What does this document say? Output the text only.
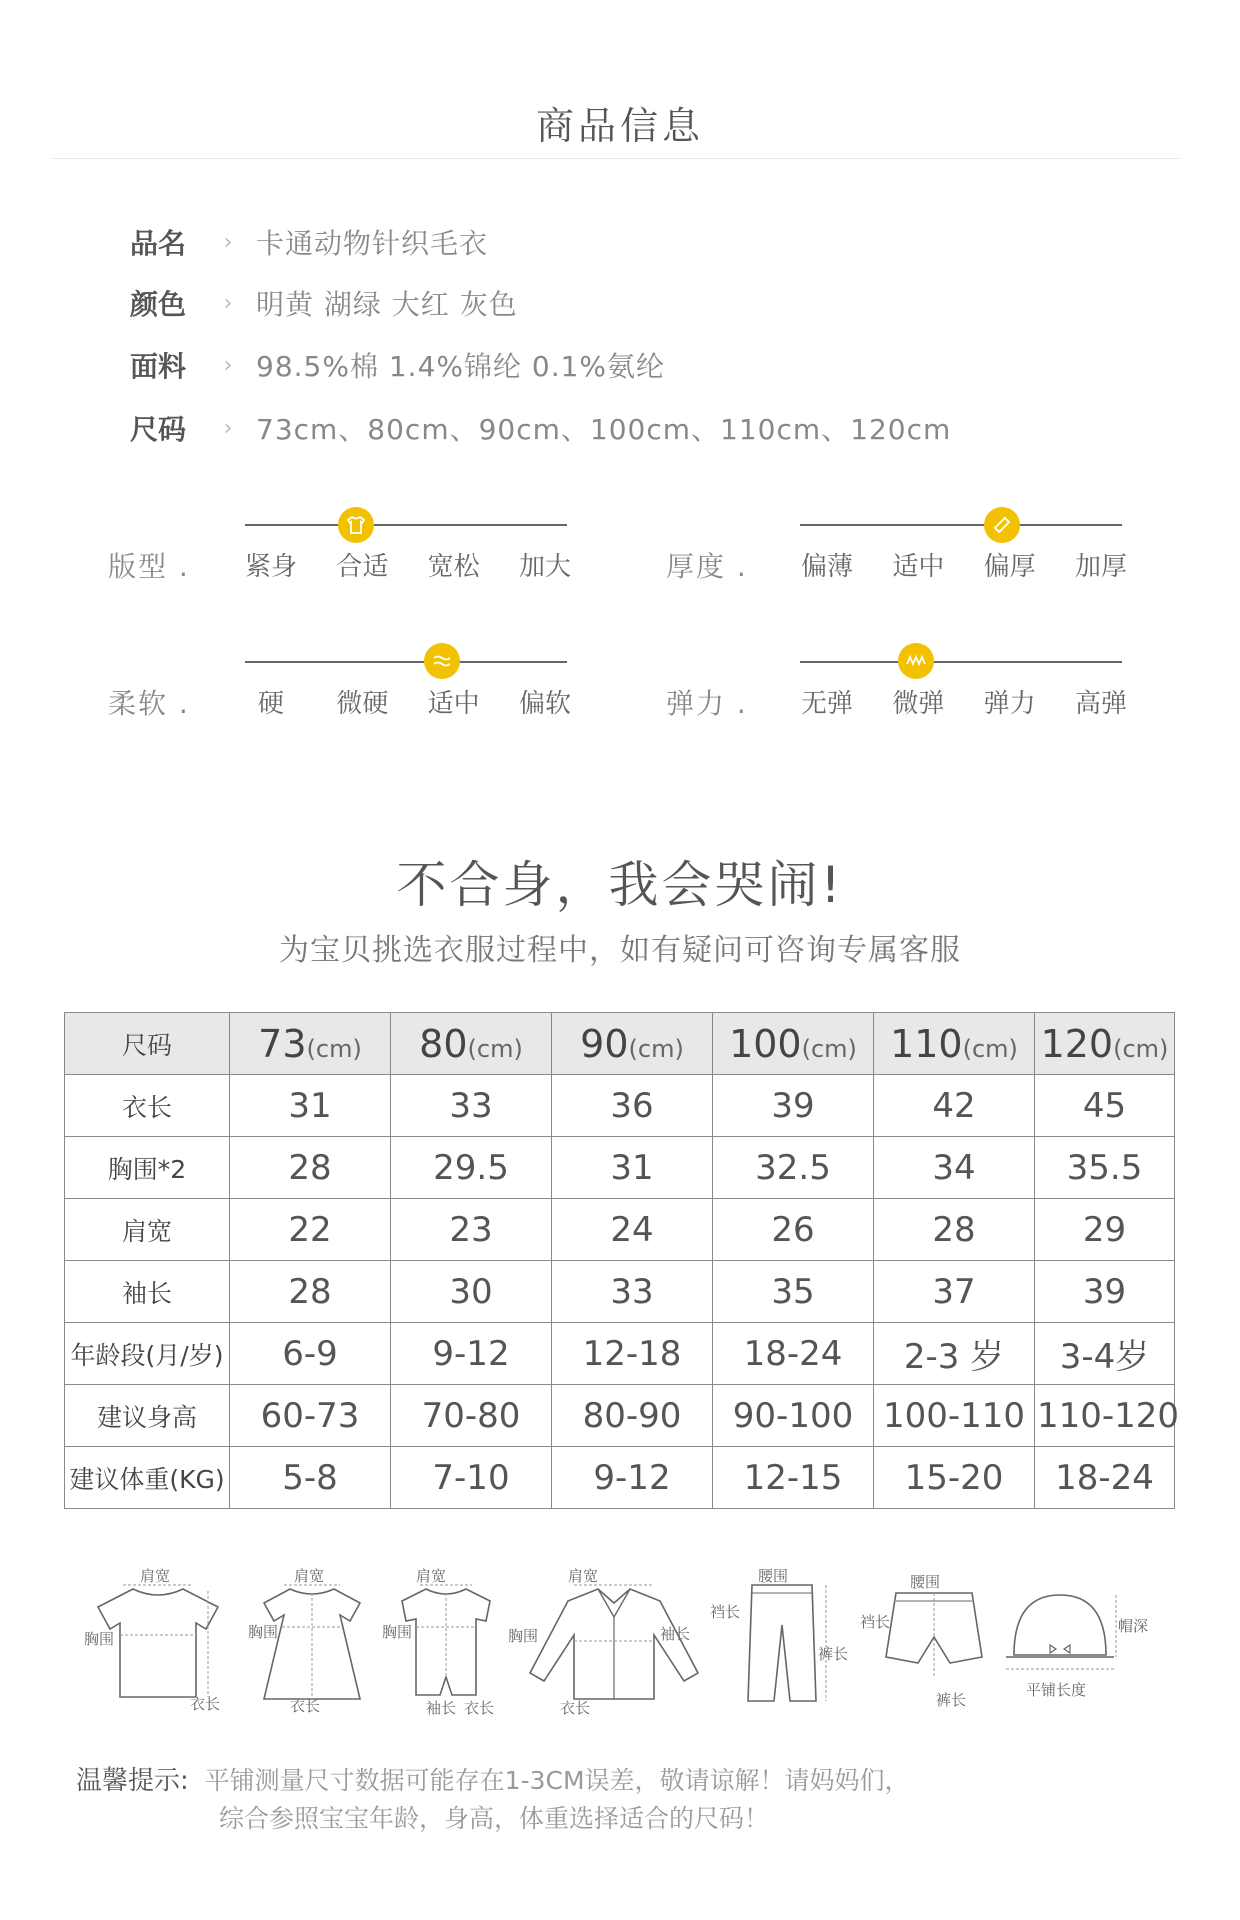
商品信息
品名	› 卡通动物针织毛衣
颜色	› 明黄 湖绿 大红 灰色
面料	› 98.5%棉 1.4%锦纶 0.1%氨纶
尺码	› 73cm、80cm、90cm、100cm、110cm、120cm
版型 .	紧身	合适	宽松	加大	厚度 .	偏薄	适中	偏厚	加厚
柔软 .	硬	微硬	适中	偏软	弹力 .	无弹	微弹	弹力	高弹
不合身，我会哭闹!
为宝贝挑选衣服过程中，如有疑问可咨询专属客服
尺码	73(cm)	80(cm)	90(cm)	100(cm)	110(cm)	120(cm)
衣长	31	33	36	39	42	45
胸围*2	28	29.5	31	32.5	34	35.5
肩宽	22	23	24	26	28	29
袖长	28	30	33	35	37	39
年龄段(月/岁)	6-9	9-12	12-18	18-24	2-3 岁	3-4岁
建议身高	60-73	70-80	80-90	90-100	100-110	110-120
建议体重(KG)	5-8	7-10	9-12	12-15	15-20	18-24
肩宽
胸围
衣长
肩宽
胸围
衣长
肩宽
胸围
袖长 衣长
肩宽
胸围	袖长
衣长
腰围
裆长
裤长
腰围
裆长
裤长
帽深
平铺长度
温馨提示: 平铺测量尺寸数据可能存在1-3CM误差，敬请谅解！请妈妈们，
综合参照宝宝年龄，身高，体重选择适合的尺码！
